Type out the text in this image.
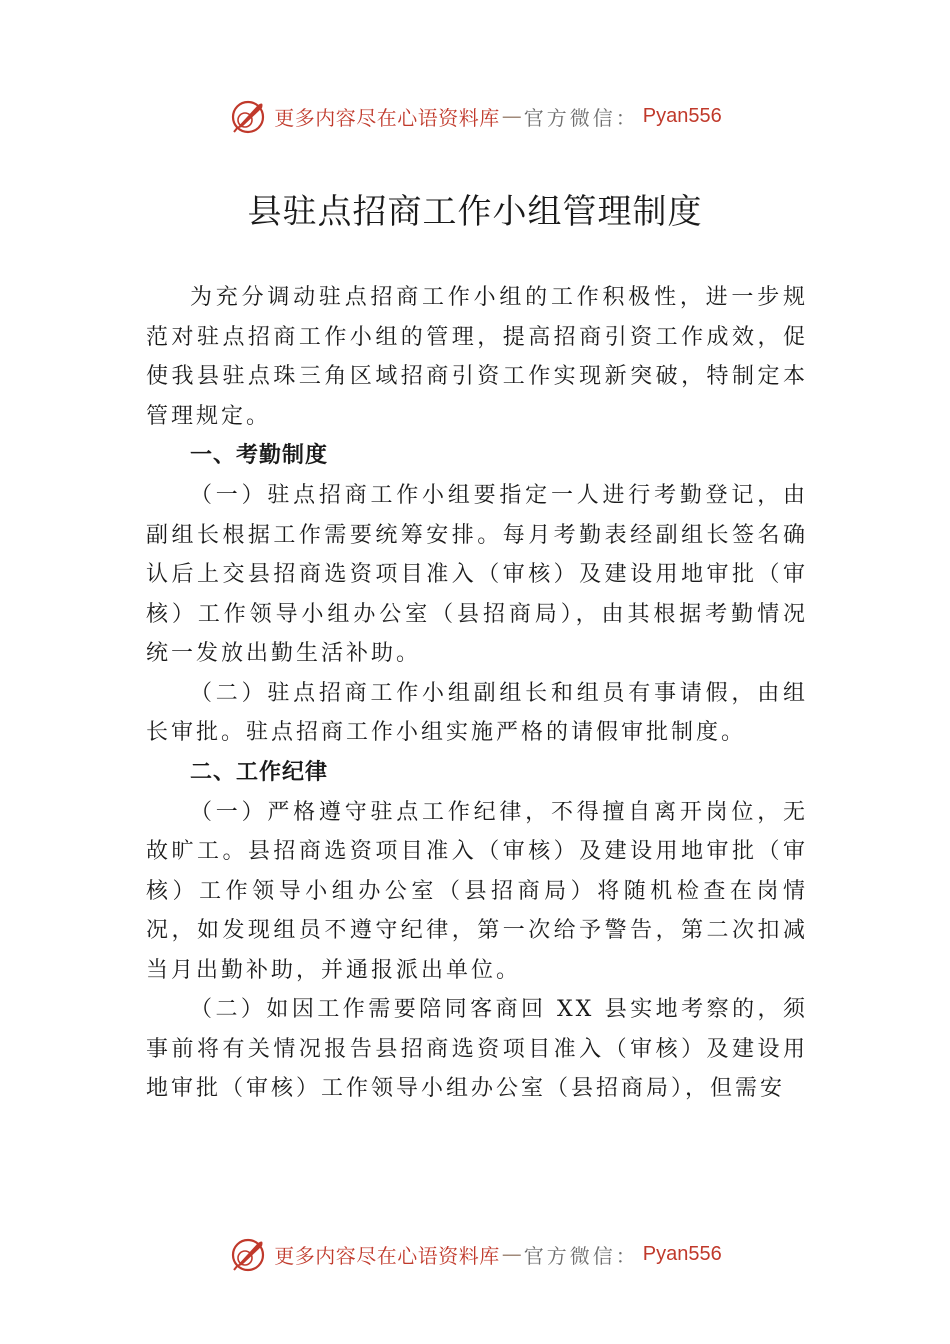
更多内容尽在心语资料库 — 官方微信： Pyan556
县驻点招商工作小组管理制度

为充分调动驻点招商工作小组的工作积极性，进一步规范对驻点招商工作小组的管理，提高招商引资工作成效，促使我县驻点珠三角区域招商引资工作实现新突破，特制定本管理规定。

一、考勤制度

（一）驻点招商工作小组要指定一人进行考勤登记，由副组长根据工作需要统筹安排。每月考勤表经副组长签名确认后上交县招商选资项目准入（审核）及建设用地审批（审核）工作领导小组办公室（县招商局），由其根据考勤情况统一发放出勤生活补助。

（二）驻点招商工作小组副组长和组员有事请假，由组长审批。驻点招商工作小组实施严格的请假审批制度。

二、工作纪律

（一）严格遵守驻点工作纪律，不得擅自离开岗位，无故旷工。县招商选资项目准入（审核）及建设用地审批（审核）工作领导小组办公室（县招商局）将随机检查在岗情况，如发现组员不遵守纪律，第一次给予警告，第二次扣减当月出勤补助，并通报派出单位。

（二）如因工作需要陪同客商回 XX 县实地考察的，须事前将有关情况报告县招商选资项目准入（审核）及建设用地审批（审核）工作领导小组办公室（县招商局），但需安

更多内容尽在心语资料库 — 官方微信： Pyan556
